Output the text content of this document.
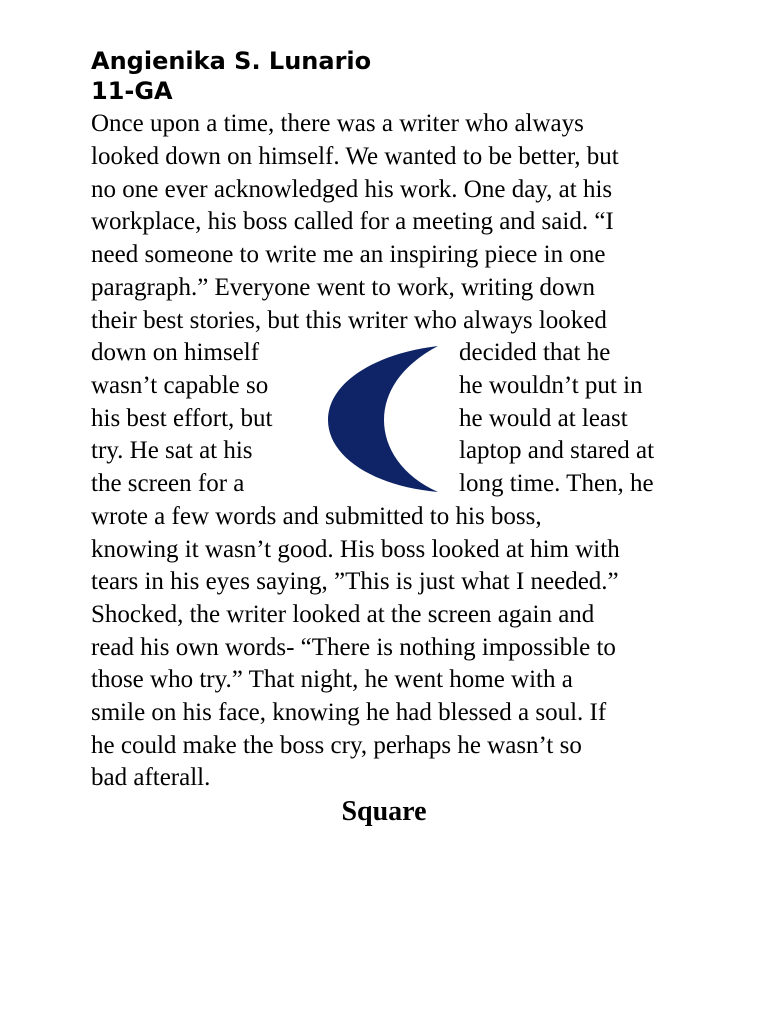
Angienika S. Lunario

11-GA

Once upon a time, there was a writer who always

looked down on himself. We wanted to be better, but

no one ever acknowledged his work. One day, at his

workplace, his boss called for a meeting and said. “I

need someone to write me an inspiring piece in one

paragraph.” Everyone went to work, writing down

their best stories, but this writer who always looked

down on himself

wasn’t capable so

his best effort, but

try. He sat at his

the screen for a

decided that he

he wouldn’t put in

he would at least

laptop and stared at

long time. Then, he

wrote a few words and submitted to his boss,

knowing it wasn’t good. His boss looked at him with

tears in his eyes saying, ”This is just what I needed.”

Shocked, the writer looked at the screen again and

read his own words- “There is nothing impossible to

those who try.” That night, he went home with a

smile on his face, knowing he had blessed a soul. If

he could make the boss cry, perhaps he wasn’t so

bad afterall.

Square
